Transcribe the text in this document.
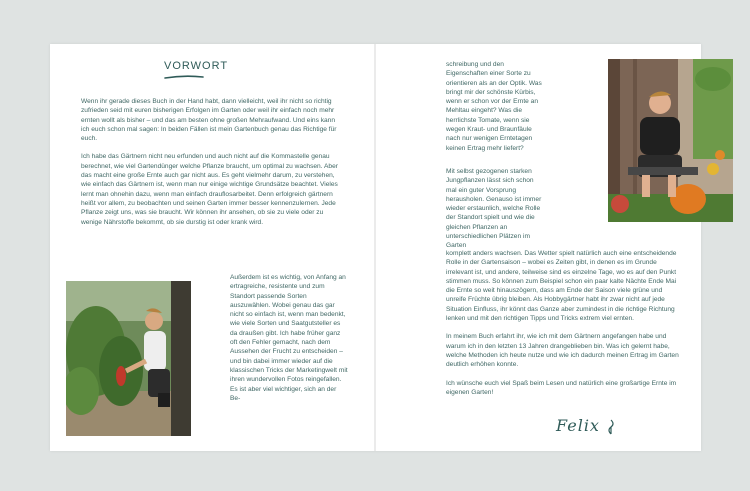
VORWORT

Wenn ihr gerade dieses Buch in der Hand habt, dann vielleicht, weil ihr nicht so richtig zufrieden seid mit euren bisherigen Erfolgen im Garten oder weil ihr einfach noch mehr ernten wollt als bisher – und das am besten ohne großen Mehraufwand. Und eins kann ich euch schon mal sagen: In beiden Fällen ist mein Gartenbuch genau das Richtige für euch.

Ich habe das Gärtnern nicht neu erfunden und auch nicht auf die Kommastelle genau berechnet, wie viel Gartendünger welche Pflanze braucht, um optimal zu wachsen. Aber das macht eine große Ernte auch gar nicht aus. Es geht vielmehr darum, zu verstehen, wie einfach das Gärtnern ist, wenn man nur einige wichtige Grundsätze beachtet. Vieles lernt man ohnehin dazu, wenn man einfach drauflosarbeitet. Denn erfolgreich gärtnern heißt vor allem, zu beobachten und seinen Garten immer besser kennenzulernen. Jede Pflanze zeigt uns, was sie braucht. Wir können ihr ansehen, ob sie zu viele oder zu wenige Nährstoffe bekommt, ob sie durstig ist oder krank wird.

Außerdem ist es wichtig, von Anfang an ertragreiche, resistente und zum Standort passende Sorten auszuwählen. Wobei genau das gar nicht so einfach ist, wenn man bedenkt, wie viele Sorten und Saatgutsteller es da draußen gibt. Ich habe früher ganz oft den Fehler gemacht, nach dem Aussehen der Frucht zu entscheiden – und bin dabei immer wieder auf die klassischen Tricks der Marketingwelt mit ihren wundervollen Fotos reingefallen. Es ist aber viel wichtiger, sich an der Be-

schreibung und den Eigenschaften einer Sorte zu orientieren als an der Optik. Was bringt mir der schönste Kürbis, wenn er schon vor der Ernte an Mehltau eingeht? Was die herrlichste Tomate, wenn sie wegen Kraut- und Braunfäule nach nur wenigen Erntetagen keinen Ertrag mehr liefert?

Mit selbst gezogenen starken Jungpflanzen lässt sich schon mal ein guter Vorsprung herausholen. Genauso ist immer wieder erstaunlich, welche Rolle der Standort spielt und wie die gleichen Pflanzen an unterschiedlichen Plätzen im Garten

komplett anders wachsen. Das Wetter spielt natürlich auch eine entscheidende Rolle in der Gartensaison – wobei es Zeiten gibt, in denen es im Grunde irrelevant ist, und andere, teilweise sind es einzelne Tage, wo es auf den Punkt stimmen muss. So können zum Beispiel schon ein paar kalte Nächte Ende Mai die Ernte so weit hinauszögern, dass am Ende der Saison viele grüne und unreife Früchte übrig bleiben. Als Hobbygärtner habt ihr zwar nicht auf jede Situation Einfluss, ihr könnt das Ganze aber zumindest in die richtige Richtung lenken und mit den richtigen Tipps und Tricks extrem viel ernten.

In meinem Buch erfahrt ihr, wie ich mit dem Gärtnern angefangen habe und warum ich in den letzten 13 Jahren drangeblieben bin. Was ich gelernt habe, welche Methoden ich heute nutze und wie ich dadurch meinen Ertrag im Garten deutlich erhöhen konnte.

Ich wünsche euch viel Spaß beim Lesen und natürlich eine großartige Ernte im eigenen Garten!

Felix
